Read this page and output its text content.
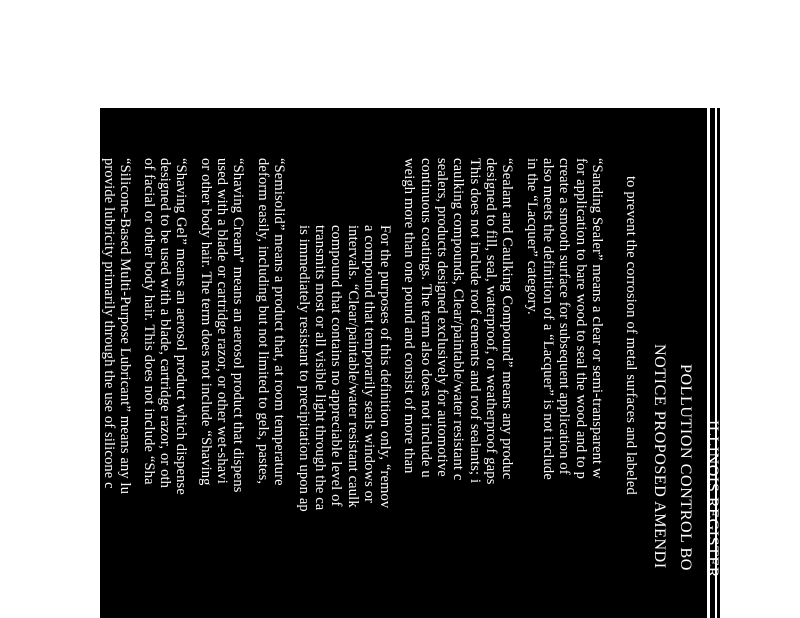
ILLINOIS REGISTER
POLLUTION CONTROL BO
NOTICE PROPOSED AMENDI
to prevent the corrosion of metal surfaces and labeled
“Sanding Sealer” means a clear or semi-transparent w
for application to bare wood to seal the wood and to p
create a smooth surface for subsequent application of
also meets the definition of a “Lacquer” is not include
in the “Lacquer” category.
“Sealant and Caulking Compound” means any produc
designed to fill, seal, waterproof, or weatherproof gaps
This does not include roof cements and roof sealants; i
caulking compounds, Clear/paintable/water resistant c
sealers, products designed exclusively for automotive
continuous coatings. The term also does not include u
weigh more than one pound and consist of more than
For the purposes of this definition only, “remov
a compound that temporarily seals windows or
intervals. “Clear/paintable/water resistant caulk
compound that contains no appreciable level of
transmits most or all visible light through the ca
is immediately resistant to precipitation upon ap
“Semisolid” means a product that, at room temperature
deform easily, including but not limited to gels, pastes,
“Shaving Cream” means an aerosol product that dispens
used with a blade or cartridge razor, or other wet-shavi
or other body hair. The term does not include “Shaving
“Shaving Gel” means an aerosol product which dispense
designed to be used with a blade, cartridge razor, or oth
of facial or other body hair. This does not include “Sha
“Silicone-Based Multi-Purpose Lubricant” means any lu
provide lubricity primarily through the use of silicone c
limited to, polydimethylsiloxane, and designed and labe
lubrication, or for use in a wide variety of applications.
products designed and labeled exclusively to release ma
